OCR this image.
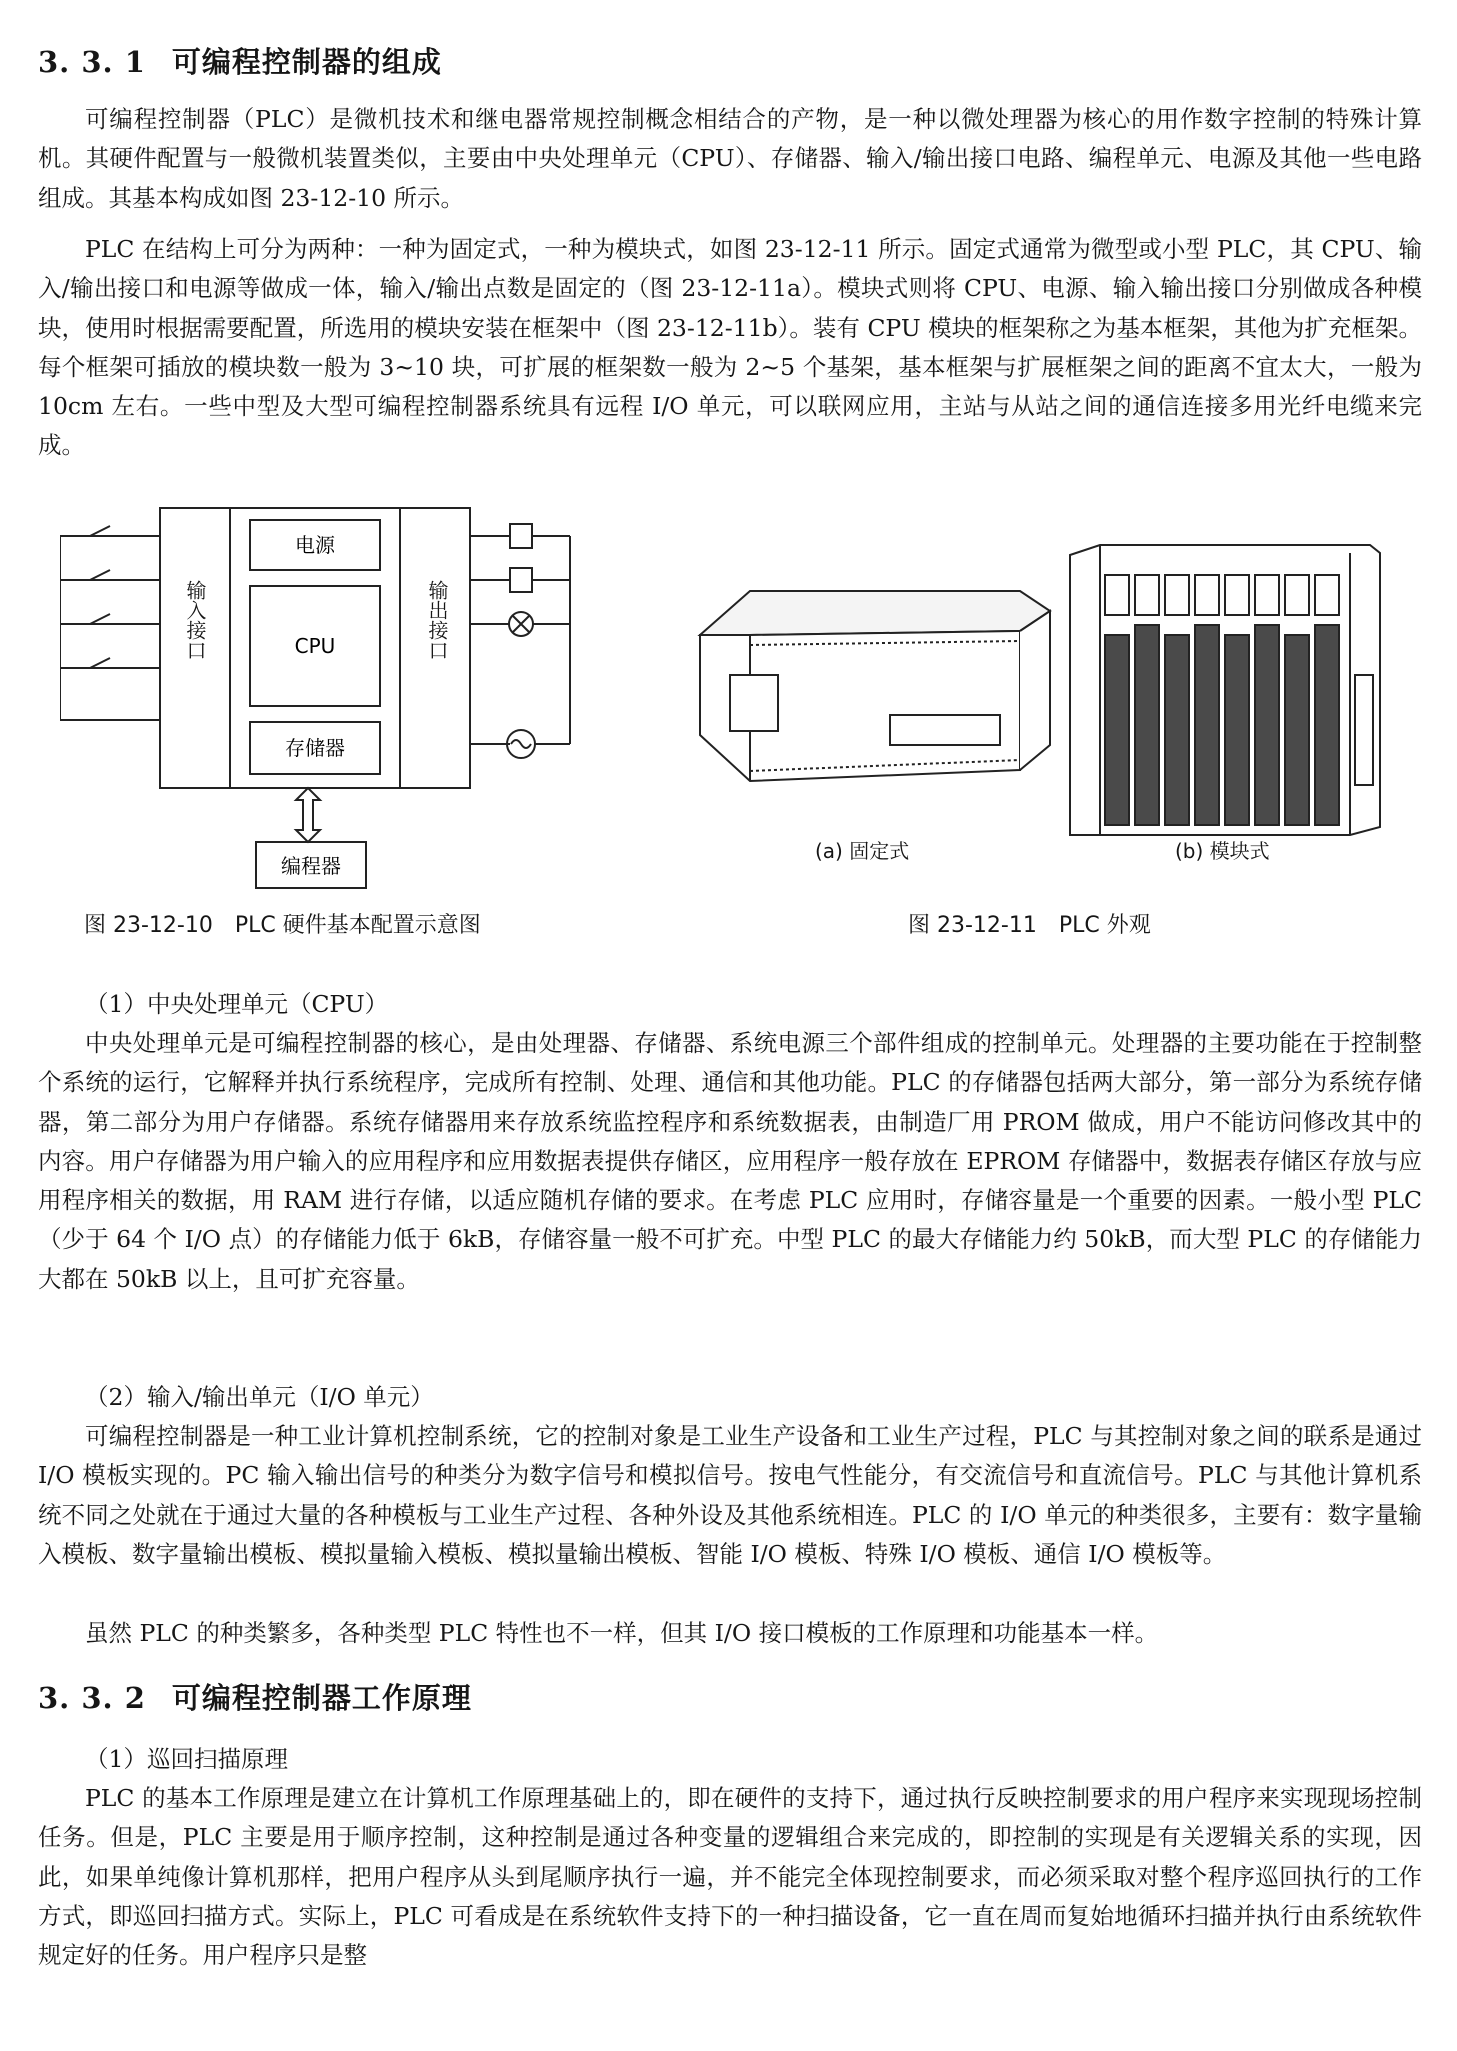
3. 3. 1 可编程控制器的组成

可编程控制器（PLC）是微机技术和继电器常规控制概念相结合的产物，是一种以微处理器为核心的用作数字控制的特殊计算机。其硬件配置与一般微机装置类似，主要由中央处理单元（CPU）、存储器、输入/输出接口电路、编程单元、电源及其他一些电路组成。其基本构成如图 23-12-10 所示。

PLC 在结构上可分为两种：一种为固定式，一种为模块式，如图 23-12-11 所示。固定式通常为微型或小型 PLC，其 CPU、输入/输出接口和电源等做成一体，输入/输出点数是固定的（图 23-12-11a）。模块式则将 CPU、电源、输入输出接口分别做成各种模块，使用时根据需要配置，所选用的模块安装在框架中（图 23-12-11b）。装有 CPU 模块的框架称之为基本框架，其他为扩充框架。每个框架可插放的模块数一般为 3~10 块，可扩展的框架数一般为 2~5 个基架，基本框架与扩展框架之间的距离不宜太大，一般为 10cm 左右。一些中型及大型可编程控制器系统具有远程 I/O 单元，可以联网应用，主站与从站之间的通信连接多用光纤电缆来完成。

电源
CPU
存储器
编程器
输入接口	输出接口
图 23-12-10　PLC 硬件基本配置示意图
(a) 固定式	(b) 模块式
图 23-12-11　PLC 外观

（1）中央处理单元（CPU）

中央处理单元是可编程控制器的核心，是由处理器、存储器、系统电源三个部件组成的控制单元。处理器的主要功能在于控制整个系统的运行，它解释并执行系统程序，完成所有控制、处理、通信和其他功能。PLC 的存储器包括两大部分，第一部分为系统存储器，第二部分为用户存储器。系统存储器用来存放系统监控程序和系统数据表，由制造厂用 PROM 做成，用户不能访问修改其中的内容。用户存储器为用户输入的应用程序和应用数据表提供存储区，应用程序一般存放在 EPROM 存储器中，数据表存储区存放与应用程序相关的数据，用 RAM 进行存储，以适应随机存储的要求。在考虑 PLC 应用时，存储容量是一个重要的因素。一般小型 PLC（少于 64 个 I/O 点）的存储能力低于 6kB，存储容量一般不可扩充。中型 PLC 的最大存储能力约 50kB，而大型 PLC 的存储能力大都在 50kB 以上，且可扩充容量。

（2）输入/输出单元（I/O 单元）

可编程控制器是一种工业计算机控制系统，它的控制对象是工业生产设备和工业生产过程，PLC 与其控制对象之间的联系是通过 I/O 模板实现的。PC 输入输出信号的种类分为数字信号和模拟信号。按电气性能分，有交流信号和直流信号。PLC 与其他计算机系统不同之处就在于通过大量的各种模板与工业生产过程、各种外设及其他系统相连。PLC 的 I/O 单元的种类很多，主要有：数字量输入模板、数字量输出模板、模拟量输入模板、模拟量输出模板、智能 I/O 模板、特殊 I/O 模板、通信 I/O 模板等。

虽然 PLC 的种类繁多，各种类型 PLC 特性也不一样，但其 I/O 接口模板的工作原理和功能基本一样。

3. 3. 2 可编程控制器工作原理

（1）巡回扫描原理

PLC 的基本工作原理是建立在计算机工作原理基础上的，即在硬件的支持下，通过执行反映控制要求的用户程序来实现现场控制任务。但是，PLC 主要是用于顺序控制，这种控制是通过各种变量的逻辑组合来完成的，即控制的实现是有关逻辑关系的实现，因此，如果单纯像计算机那样，把用户程序从头到尾顺序执行一遍，并不能完全体现控制要求，而必须采取对整个程序巡回执行的工作方式，即巡回扫描方式。实际上，PLC 可看成是在系统软件支持下的一种扫描设备，它一直在周而复始地循环扫描并执行由系统软件规定好的任务。用户程序只是整
